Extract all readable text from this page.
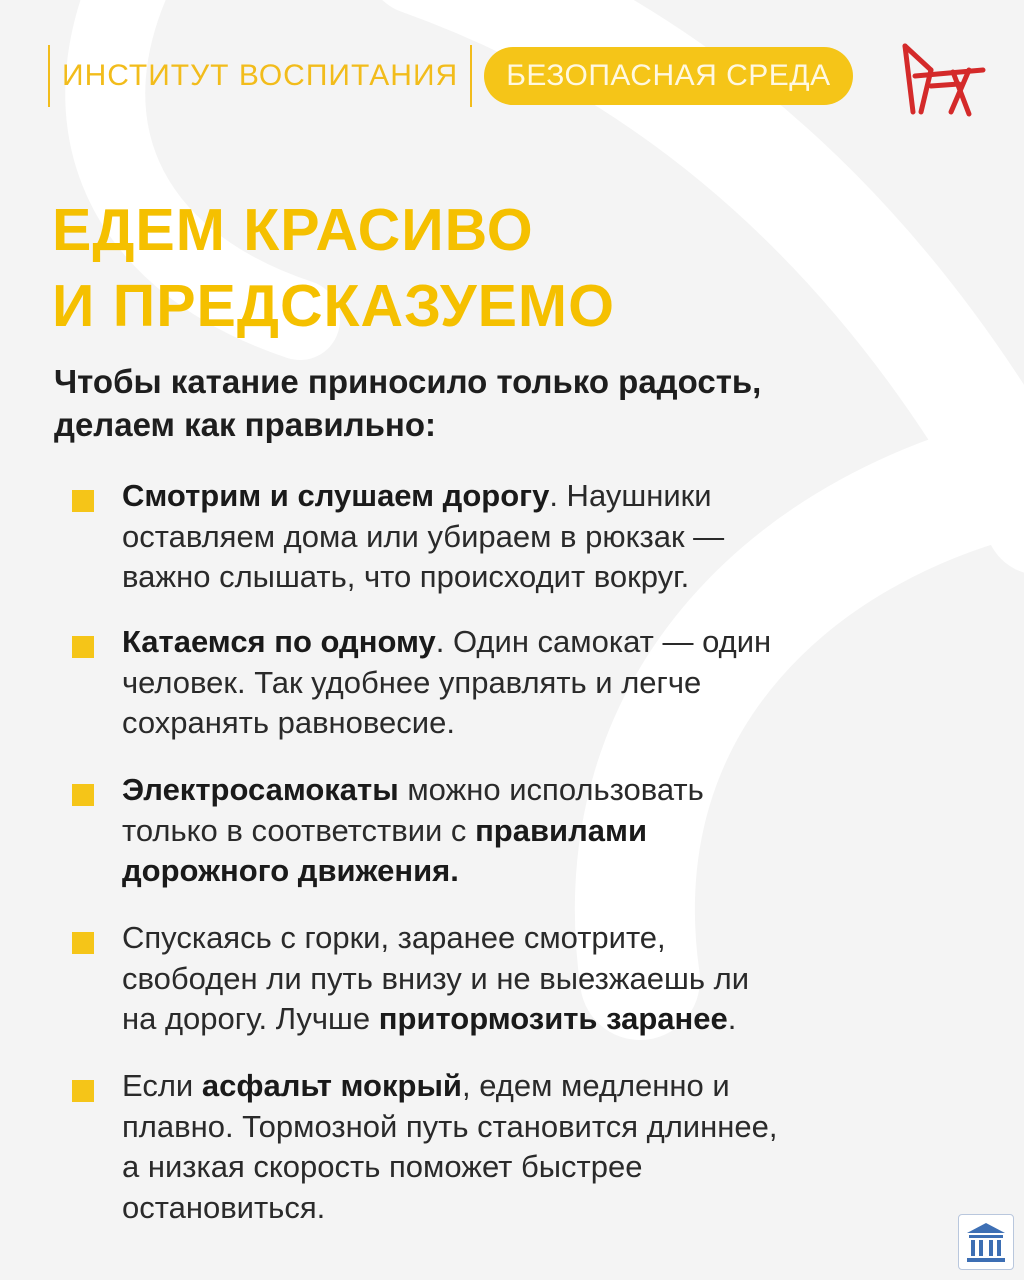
ИНСТИТУТ ВОСПИТАНИЯ	БЕЗОПАСНАЯ СРЕДА
ЕДЕМ КРАСИВО
И ПРЕДСКАЗУЕМО
Чтобы катание приносило только радость,
делаем как правильно:
Смотрим и слушаем дорогу. Наушники
оставляем дома или убираем в рюкзак —
важно слышать, что происходит вокруг.
Катаемся по одному. Один самокат — один
человек. Так удобнее управлять и легче
сохранять равновесие.
Электросамокаты можно использовать
только в соответствии с правилами
дорожного движения.
Спускаясь с горки, заранее смотрите,
свободен ли путь внизу и не выезжаешь ли
на дорогу. Лучше притормозить заранее.
Если асфальт мокрый, едем медленно и
плавно. Тормозной путь становится длиннее,
а низкая скорость поможет быстрее
остановиться.
